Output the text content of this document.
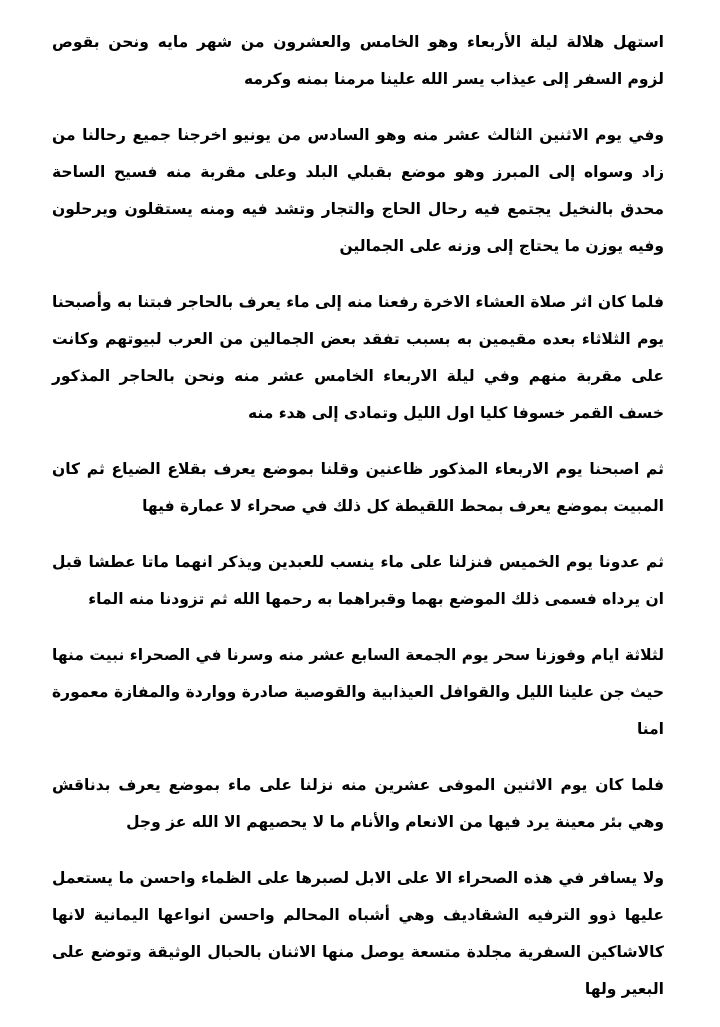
استهل هلالة ليلة الأربعاء وهو الخامس والعشرون من شهر مايه ونحن بقوص لزوم السفر إلى عيذاب يسر الله علينا مرمنا بمنه وكرمه

وفي يوم الاثنين الثالث عشر منه وهو السادس من يونيو اخرجنا جميع رحالنا من زاد وسواه إلى المبرز وهو موضع بقبلي البلد وعلى مقربة منه فسيح الساحة محدق بالنخيل يجتمع فيه رحال الحاج والتجار وتشد فيه ومنه يستقلون ويرحلون وفيه يوزن ما يحتاج إلى وزنه على الجمالين

فلما كان اثر صلاة العشاء الاخرة رفعنا منه إلى ماء يعرف بالحاجر فبتنا به وأصبحنا يوم الثلاثاء بعده مقيمين به بسبب تفقد بعض الجمالين من العرب لبيوتهم وكانت على مقربة منهم وفي ليلة الاربعاء الخامس عشر منه ونحن بالحاجر المذكور خسف القمر خسوفا كليا اول الليل وتمادى إلى هدء منه

ثم اصبحنا يوم الاربعاء المذكور ظاعنين وقلنا بموضع يعرف بقلاع الضياع ثم كان المبيت بموضع يعرف بمحط اللقيطة كل ذلك في صحراء لا عمارة فيها

ثم عدونا يوم الخميس فنزلنا على ماء ينسب للعبدين ويذكر انهما ماتا عطشا قبل ان يرداه فسمى ذلك الموضع بهما وقبراهما به رحمها الله ثم تزودنا منه الماء

لثلاثة ايام وفوزنا سحر يوم الجمعة السابع عشر منه وسرنا في الصحراء نبيت منها حيث جن علينا الليل والقوافل العيذابية والقوصية صادرة وواردة والمفازة معمورة امنا

فلما كان يوم الاثنين الموفى عشرين منه نزلنا على ماء بموضع يعرف بدناقش وهي بئر معينة يرد فيها من الانعام والأنام ما لا يحصيهم الا الله عز وجل

ولا يسافر في هذه الصحراء الا على الابل لصبرها على الظماء واحسن ما يستعمل عليها ذوو الترفيه الشقاديف وهي أشباه المحالم واحسن انواعها اليمانية لانها كالاشاكين السفرية مجلدة متسعة يوصل منها الاثنان بالحبال الوثيقة وتوضع على البعير ولها
